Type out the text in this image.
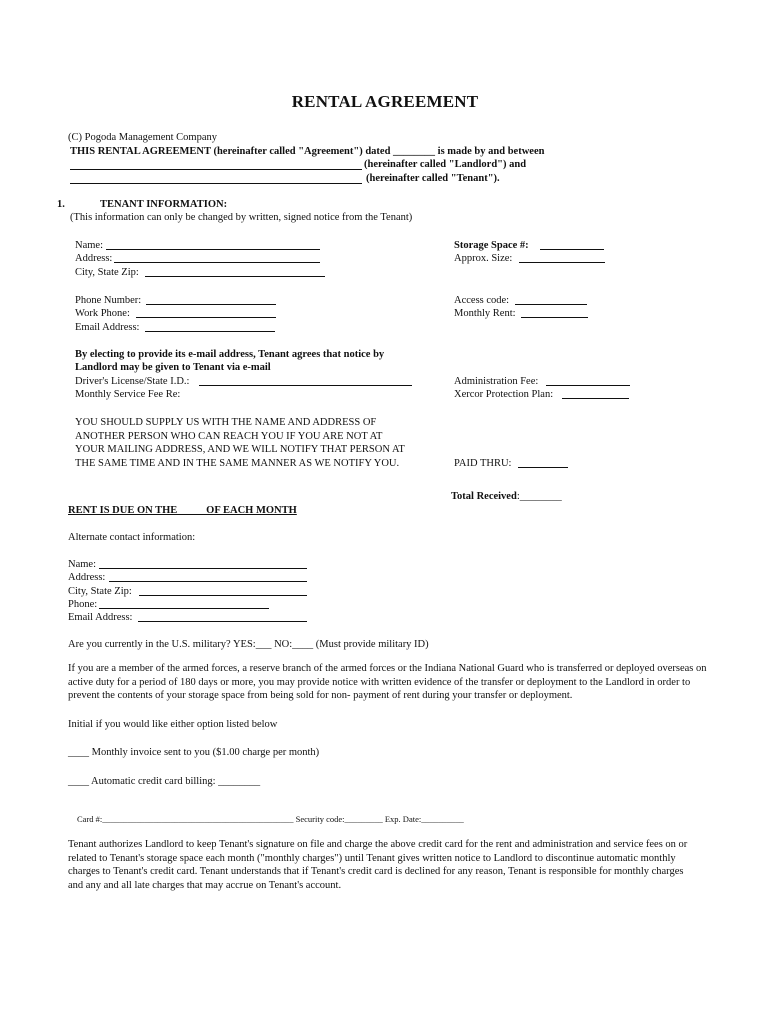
RENTAL AGREEMENT
(C) Pogoda Management Company
THIS RENTAL AGREEMENT (hereinafter called "Agreement") dated ________ is made by and between
(hereinafter called "Landlord") and
(hereinafter called "Tenant").
1.	TENANT INFORMATION:
(This information can only be changed by written, signed notice from the Tenant)
Name:
Address:
City, State Zip:
Storage Space #:
Approx. Size:
Phone Number:
Work Phone:
Email Address:
Access code:
Monthly Rent:
By electing to provide its e-mail address, Tenant agrees that notice by
Landlord may be given to Tenant via e-mail
Driver's License/State I.D.:
Monthly Service Fee Re:
Administration Fee:
Xercor Protection Plan:
YOU SHOULD SUPPLY US WITH THE NAME AND ADDRESS OF
ANOTHER PERSON WHO CAN REACH YOU IF YOU ARE NOT AT
YOUR MAILING ADDRESS, AND WE WILL NOTIFY THAT PERSON AT
THE SAME TIME AND IN THE SAME MANNER AS WE NOTIFY YOU.	PAID THRU:
Total Received:________
RENT IS DUE ON THE           OF EACH MONTH
Alternate contact information:
Name:
Address:
City, State Zip:
Phone:
Email Address:
Are you currently in the U.S. military? YES:___ NO:____ (Must provide military ID)
If you are a member of the armed forces, a reserve branch of the armed forces or the Indiana National Guard who is transferred or deployed overseas on active duty for a period of 180 days or more, you may provide notice with written evidence of the transfer or deployment to the Landlord in order to prevent the contents of your storage space from being sold for non- payment of rent during your transfer or deployment.
Initial if you would like either option listed below
____ Monthly invoice sent to you ($1.00 charge per month)
____ Automatic credit card billing: ________
Card #:_____________________________________________ Security code:_________ Exp. Date:__________
Tenant authorizes Landlord to keep Tenant's signature on file and charge the above credit card for the rent and administration and service fees on or related to Tenant's storage space each month ("monthly charges") until Tenant gives written notice to Landlord to discontinue automatic monthly charges to Tenant's credit card. Tenant understands that if Tenant's credit card is declined for any reason, Tenant is responsible for monthly charges and any and all late charges that may accrue on Tenant's account.
